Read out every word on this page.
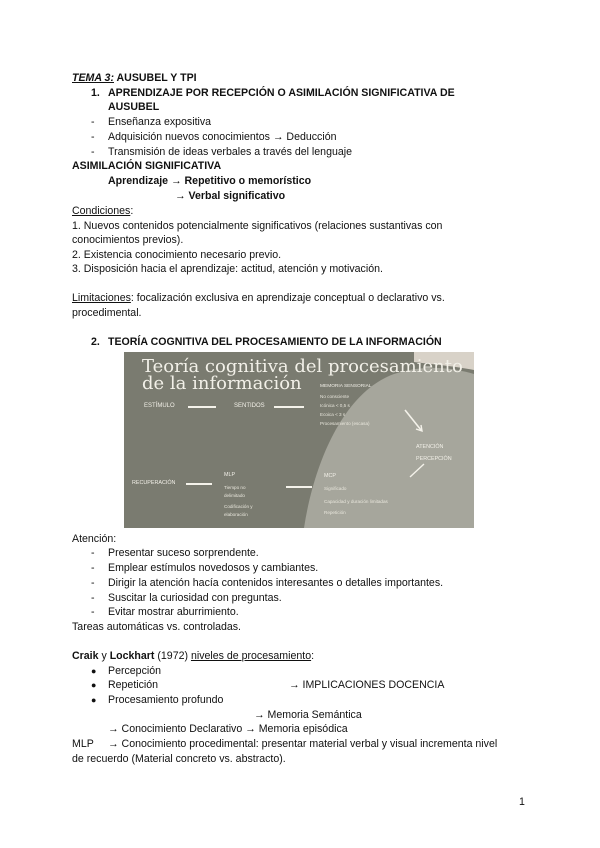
TEMA 3: AUSUBEL Y TPI
1. APRENDIZAJE POR RECEPCIÓN O ASIMILACIÓN SIGNIFICATIVA DE
AUSUBEL
- Enseñanza expositiva
- Adquisición nuevos conocimientos → Deducción
- Transmisión de ideas verbales a través del lenguaje
ASIMILACIÓN SIGNIFICATIVA
Aprendizaje → Repetitivo o memorístico
→ Verbal significativo
Condiciones:
1. Nuevos contenidos potencialmente significativos (relaciones sustantivas con
conocimientos previos).
2. Existencia conocimiento necesario previo.
3. Disposición hacia el aprendizaje: actitud, atención y motivación.
Limitaciones: focalización exclusiva en aprendizaje conceptual o declarativo vs.
procedimental.
2. TEORÍA COGNITIVA DEL PROCESAMIENTO DE LA INFORMACIÓN
Teoría cognitiva del procesamiento
de la información
ESTÍMULO	SENTIDOS
MEMORIA SENSORIAL
No consciente
Icónica < 0,5 s
Ecoica < 3 s
Procesamiento (escasa)
ATENCIÓN
PERCEPCIÓN
RECUPERACIÓN
MLP
Tiempo no
delimitado
Codificación y
elaboración
MCP
Significado
Capacidad y duración limitadas
Repetición
Atención:
- Presentar suceso sorprendente.
- Emplear estímulos novedosos y cambiantes.
- Dirigir la atención hacía contenidos interesantes o detalles importantes.
- Suscitar la curiosidad con preguntas.
- Evitar mostrar aburrimiento.
Tareas automáticas vs. controladas.
Craik y Lockhart (1972) niveles de procesamiento:
● Percepción
● Repetición	→ IMPLICACIONES DOCENCIA
● Procesamiento profundo
→ Memoria Semántica
→ Conocimiento Declarativo → Memoria episódica
MLP → Conocimiento procedimental: presentar material verbal y visual incrementa nivel
de recuerdo (Material concreto vs. abstracto).
1
